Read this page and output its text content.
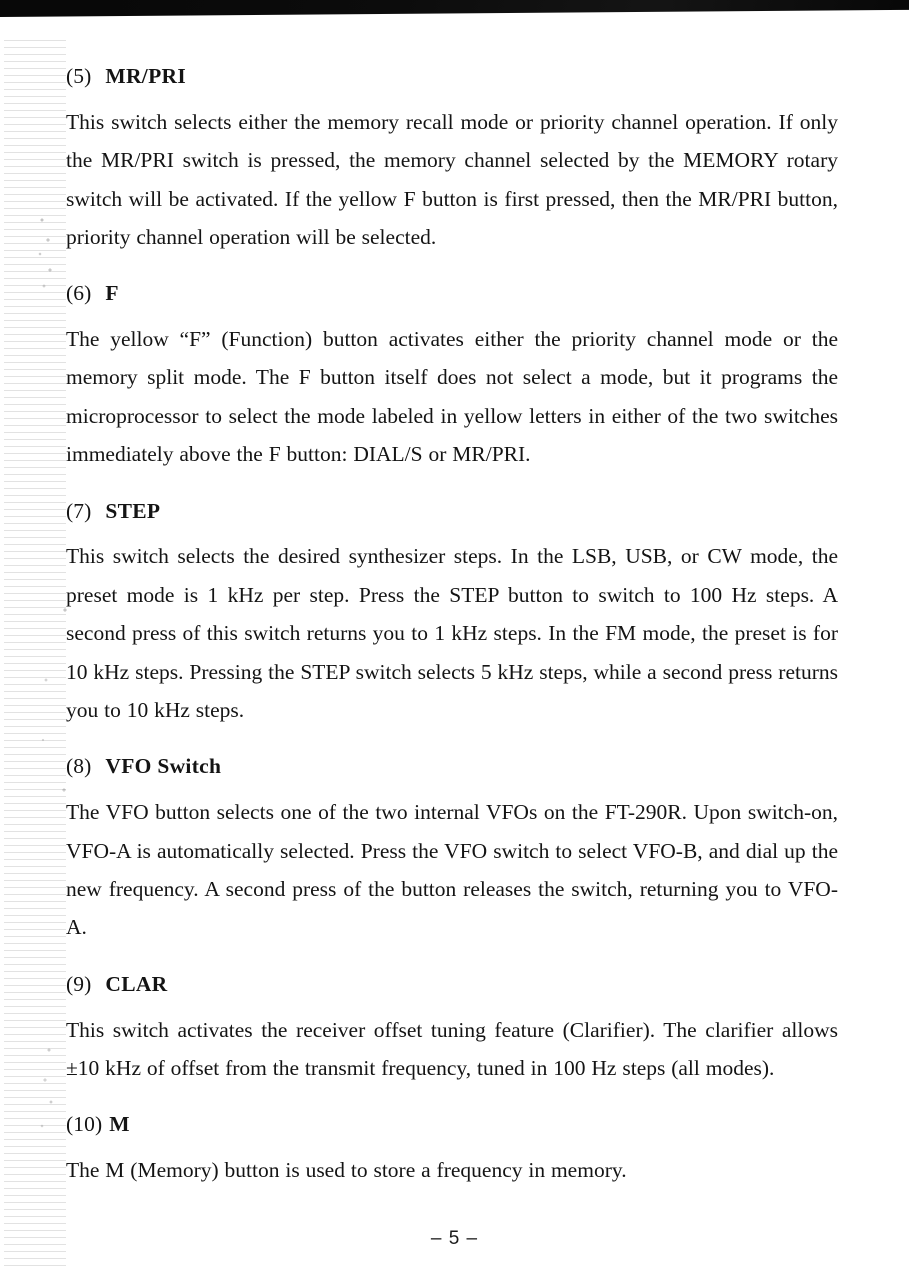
(5) MR/PRI

This switch selects either the memory recall mode or priority channel operation. If only the MR/PRI switch is pressed, the memory channel selected by the MEMORY rotary switch will be activated. If the yellow F button is first pressed, then the MR/PRI button, priority channel operation will be selected.

(6) F

The yellow “F” (Function) button activates either the priority channel mode or the memory split mode. The F button itself does not select a mode, but it programs the microprocessor to select the mode labeled in yellow letters in either of the two switches immediately above the F button: DIAL/S or MR/PRI.

(7) STEP

This switch selects the desired synthesizer steps. In the LSB, USB, or CW mode, the preset mode is 1 kHz per step. Press the STEP button to switch to 100 Hz steps. A second press of this switch returns you to 1 kHz steps. In the FM mode, the preset is for 10 kHz steps. Pressing the STEP switch selects 5 kHz steps, while a second press returns you to 10 kHz steps.

(8) VFO Switch

The VFO button selects one of the two internal VFOs on the FT-290R. Upon switch-on, VFO-A is automatically selected. Press the VFO switch to select VFO-B, and dial up the new frequency. A second press of the button releases the switch, returning you to VFO-A.

(9) CLAR

This switch activates the receiver offset tuning feature (Clarifier). The clarifier allows ±10 kHz of offset from the transmit frequency, tuned in 100 Hz steps (all modes).

(10) M

The M (Memory) button is used to store a frequency in memory.

– 5 –
